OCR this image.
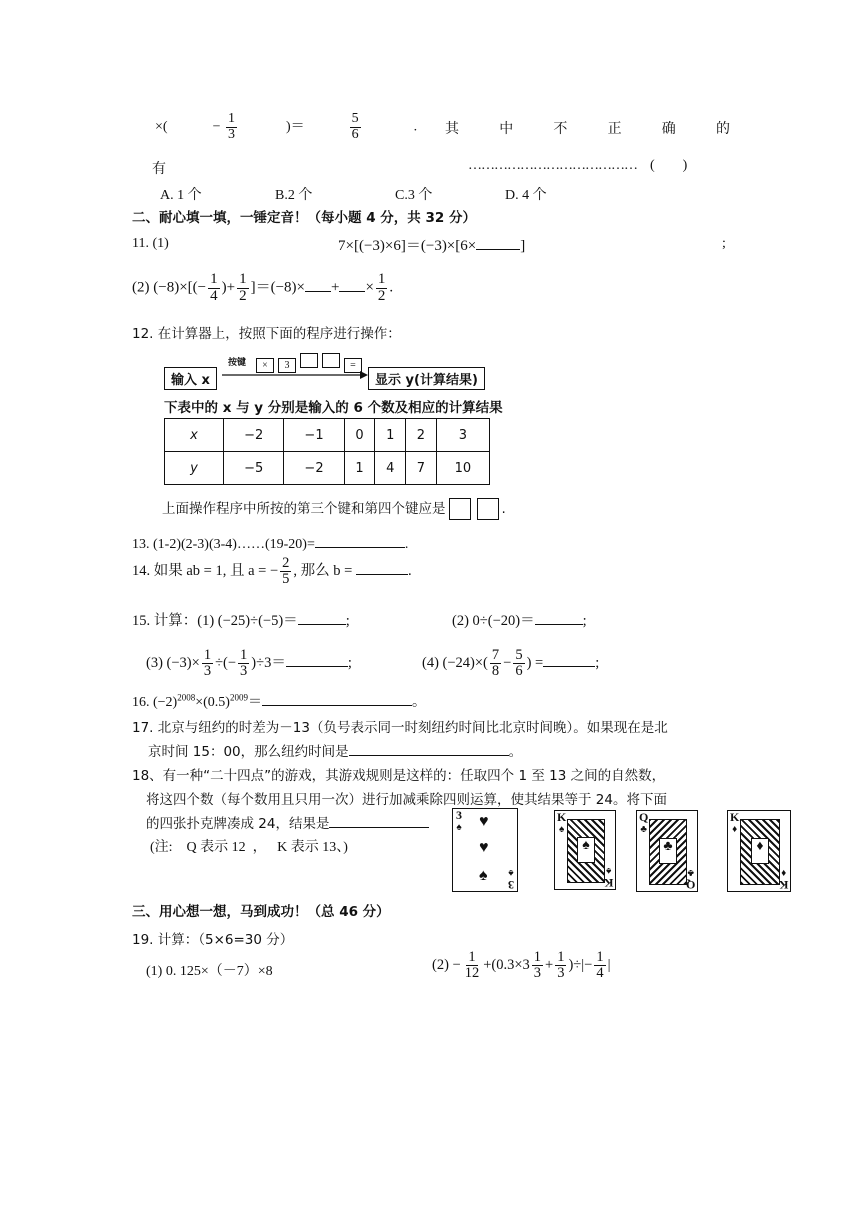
×(	− $\frac{1}{3}$	)＝	$\frac{5}{6}$	. 其	中	不	正	确	的
有	………………………………… (        )
A. 1 个	B.2 个	C.3 个	D. 4 个
二、耐心填一填，一锤定音！（每小题 4 分，共 32 分）
11. (1)	7×[(−3)×6]＝(−3)×[6×	]	;
(2) $(-8)\times[(- \frac{1}{4}$ )+ $\frac{1}{2} ]=(-8)\times$ + × $\frac{1}{2}$ .
12. 在计算器上，按照下面的程序进行操作：
按键	× 3	=
输入 x	显示 y(计算结果)
下表中的 x 与 y 分别是输入的 6 个数及相应的计算结果
x	−2	−1	0	1	2	3
y	−5	−2	1	4	7	10
上面操作程序中所按的第三个键和第四个键应是	.
13. (1-2)(2-3)(3-4)……(19-20)=	.
14. 如果 ab = 1, 且 a = − $\frac{2}{5}$ , 那么 b =	.
15. 计算：(1) (−25)÷(−5)＝	;	(2) 0÷(−20)＝	;
(3) $(-3)\times \frac{1}{3}$ ÷(− $\frac{1}{3} )\div 3=$	;	(4) $(-24)\times( \frac{7}{8} - \frac{5}{6}$ ) =	;
16. $(-2)^{2008}\times(0.5)^{2009}=$	。
17. 北京与纽约的时差为－13（负号表示同一时刻纽约时间比北京时间晚）。如果现在是北
京时间 15：00，那么纽约时间是	。
18、有一种“二十四点”的游戏，其游戏规则是这样的：任取四个 1 至 13 之间的自然数，
将这四个数（每个数用且只用一次）进行加减乘除四则运算，使其结果等于 24。将下面
的四张扑克牌凑成 24，结果是
(注:    Q 表示 12  ，   K 表示 13、)
3
♠ ♥
♥
♠
3
♠
K
♠
♠
K
♠
Q
♣
♣
Q
♣
K
♦
♦
K
♦
三、用心想一想，马到成功！（总 46 分）
19. 计算：（5×6=30 分）
(1) 0. 125×（－7）×8	$(2) - \frac{1}{12} +(0.3\times 3 \frac{1}{3} + \frac{1}{3}$ )÷|− $\frac{1}{4}$ |
